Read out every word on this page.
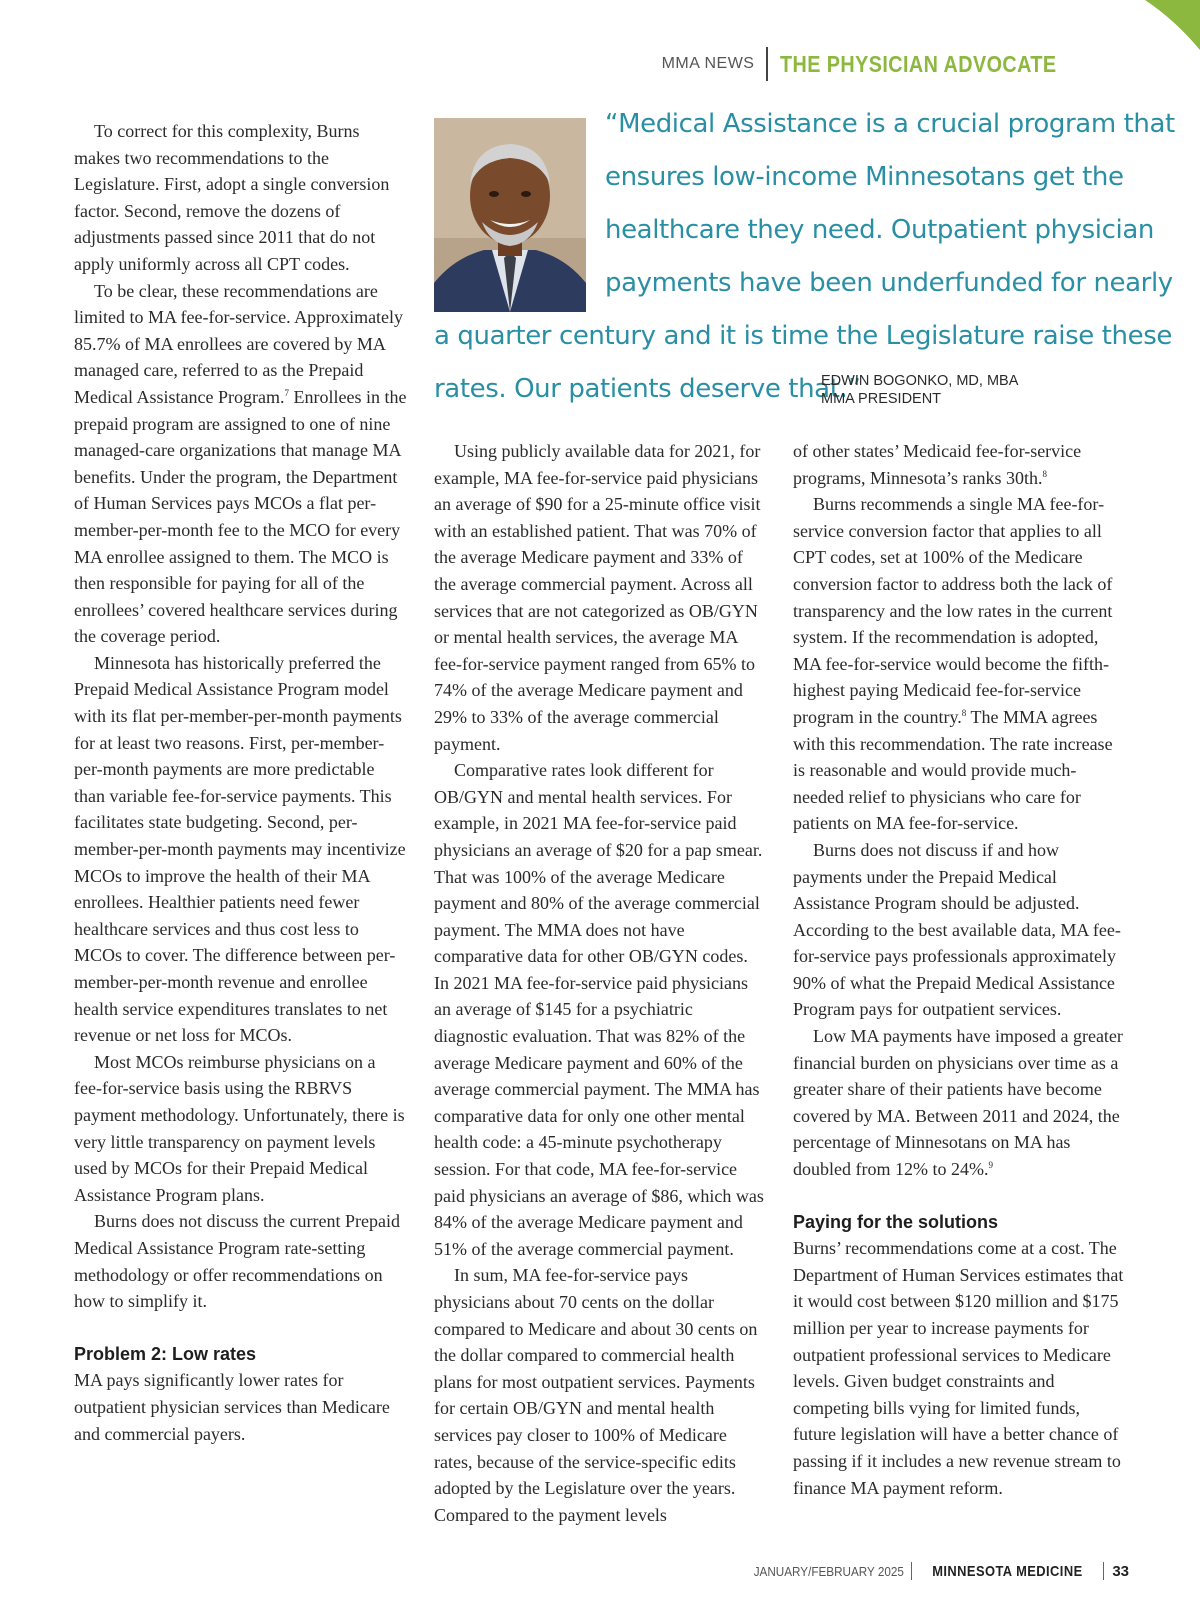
MMA NEWS THE PHYSICIAN ADVOCATE

To correct for this complexity, Burns makes two recommendations to the Legislature. First, adopt a single conversion factor. Second, remove the dozens of adjustments passed since 2011 that do not apply uniformly across all CPT codes.

To be clear, these recommendations are limited to MA fee-for-service. Approximately 85.7% of MA enrollees are covered by MA managed care, referred to as the Prepaid Medical Assistance Program.$^7$ Enrollees in the prepaid program are assigned to one of nine managed-care organizations that manage MA benefits. Under the program, the Department of Human Services pays MCOs a flat per-member-per-month fee to the MCO for every MA enrollee assigned to them. The MCO is then responsible for paying for all of the enrollees’ covered healthcare services during the coverage period.

Minnesota has historically preferred the Prepaid Medical Assistance Program model with its flat per-member-per-month payments for at least two reasons. First, per-member-per-month payments are more predictable than variable fee-for-service payments. This facilitates state budgeting. Second, per-member-per-month payments may incentivize MCOs to improve the health of their MA enrollees. Healthier patients need fewer healthcare services and thus cost less to MCOs to cover. The difference between per-member-per-month revenue and enrollee health service expenditures translates to net revenue or net loss for MCOs.

Most MCOs reimburse physicians on a fee-for-service basis using the RBRVS payment methodology. Unfortunately, there is very little transparency on payment levels used by MCOs for their Prepaid Medical Assistance Program plans.

Burns does not discuss the current Prepaid Medical Assistance Program rate-setting methodology or offer recommendations on how to simplify it.

Problem 2: Low rates

MA pays significantly lower rates for outpatient physician services than Medicare and commercial payers.

“Medical Assistance is a crucial program that
ensures low-income Minnesotans get the
healthcare they need. Outpatient physician
payments have been underfunded for nearly
a quarter century and it is time the Legislature raise these
rates. Our patients deserve that.”
EDWIN BOGONKO, MD, MBA
MMA PRESIDENT

Using publicly available data for 2021, for example, MA fee-for-service paid physicians an average of $90 for a 25-minute office visit with an established patient. That was 70% of the average Medicare payment and 33% of the average commercial payment. Across all services that are not categorized as OB/GYN or mental health services, the average MA fee-for-service payment ranged from 65% to 74% of the average Medicare payment and 29% to 33% of the average commercial payment.

Comparative rates look different for OB/GYN and mental health services. For example, in 2021 MA fee-for-service paid physicians an average of $20 for a pap smear. That was 100% of the average Medicare payment and 80% of the average commercial payment. The MMA does not have comparative data for other OB/GYN codes. In 2021 MA fee-for-service paid physicians an average of $145 for a psychiatric diagnostic evaluation. That was 82% of the average Medicare payment and 60% of the average commercial payment. The MMA has comparative data for only one other mental health code: a 45-minute psychotherapy session. For that code, MA fee-for-service paid physicians an average of $86, which was 84% of the average Medicare payment and 51% of the average commercial payment.

In sum, MA fee-for-service pays physicians about 70 cents on the dollar compared to Medicare and about 30 cents on the dollar compared to commercial health plans for most outpatient services. Payments for certain OB/GYN and mental health services pay closer to 100% of Medicare rates, because of the service-specific edits adopted by the Legislature over the years. Compared to the payment levels

of other states’ Medicaid fee-for-service programs, Minnesota’s ranks 30th.$^8$

Burns recommends a single MA fee-for-service conversion factor that applies to all CPT codes, set at 100% of the Medicare conversion factor to address both the lack of transparency and the low rates in the current system. If the recommendation is adopted, MA fee-for-service would become the fifth-highest paying Medicaid fee-for-service program in the country.$^8$ The MMA agrees with this recommendation. The rate increase is reasonable and would provide much-needed relief to physicians who care for patients on MA fee-for-service.

Burns does not discuss if and how payments under the Prepaid Medical Assistance Program should be adjusted. According to the best available data, MA fee-for-service pays professionals approximately 90% of what the Prepaid Medical Assistance Program pays for outpatient services.

Low MA payments have imposed a greater financial burden on physicians over time as a greater share of their patients have become covered by MA. Between 2011 and 2024, the percentage of Minnesotans on MA has doubled from 12% to 24%.$^9$

Paying for the solutions

Burns’ recommendations come at a cost. The Department of Human Services estimates that it would cost between $120 million and $175 million per year to increase payments for outpatient professional services to Medicare levels. Given budget constraints and competing bills vying for limited funds, future legislation will have a better chance of passing if it includes a new revenue stream to finance MA payment reform.

JANUARY/FEBRUARY 2025 MINNESOTA MEDICINE 33
